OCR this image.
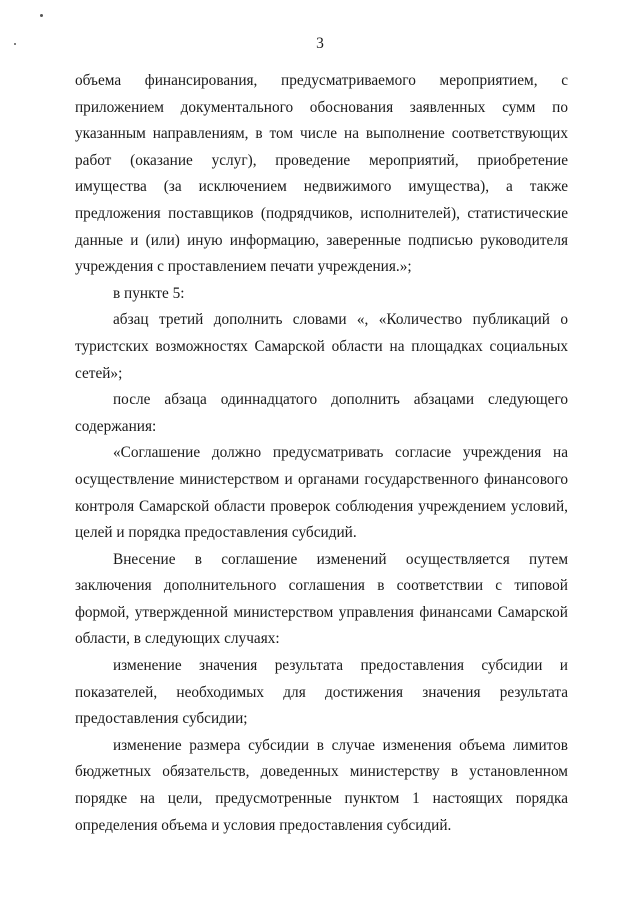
3

объема финансирования, предусматриваемого мероприятием, с приложением документального обоснования заявленных сумм по указанным направлениям, в том числе на выполнение соответствующих работ (оказание услуг), проведение мероприятий, приобретение имущества (за исключением недвижимого имущества), а также предложения поставщиков (подрядчиков, исполнителей), статистические данные и (или) иную информацию, заверенные подписью руководителя учреждения с проставлением печати учреждения.»;

в пункте 5:

абзац третий дополнить словами «, «Количество публикаций о туристских возможностях Самарской области на площадках социальных сетей»;

после абзаца одиннадцатого дополнить абзацами следующего содержания:

«Соглашение должно предусматривать согласие учреждения на осуществление министерством и органами государственного финансового контроля Самарской области проверок соблюдения учреждением условий, целей и порядка предоставления субсидий.

Внесение в соглашение изменений осуществляется путем заключения дополнительного соглашения в соответствии с типовой формой, утвержденной министерством управления финансами Самарской области, в следующих случаях:

изменение значения результата предоставления субсидии и показателей, необходимых для достижения значения результата предоставления субсидии;

изменение размера субсидии в случае изменения объема лимитов бюджетных обязательств, доведенных министерству в установленном порядке на цели, предусмотренные пунктом 1 настоящих порядка определения объема и условия предоставления субсидий.
